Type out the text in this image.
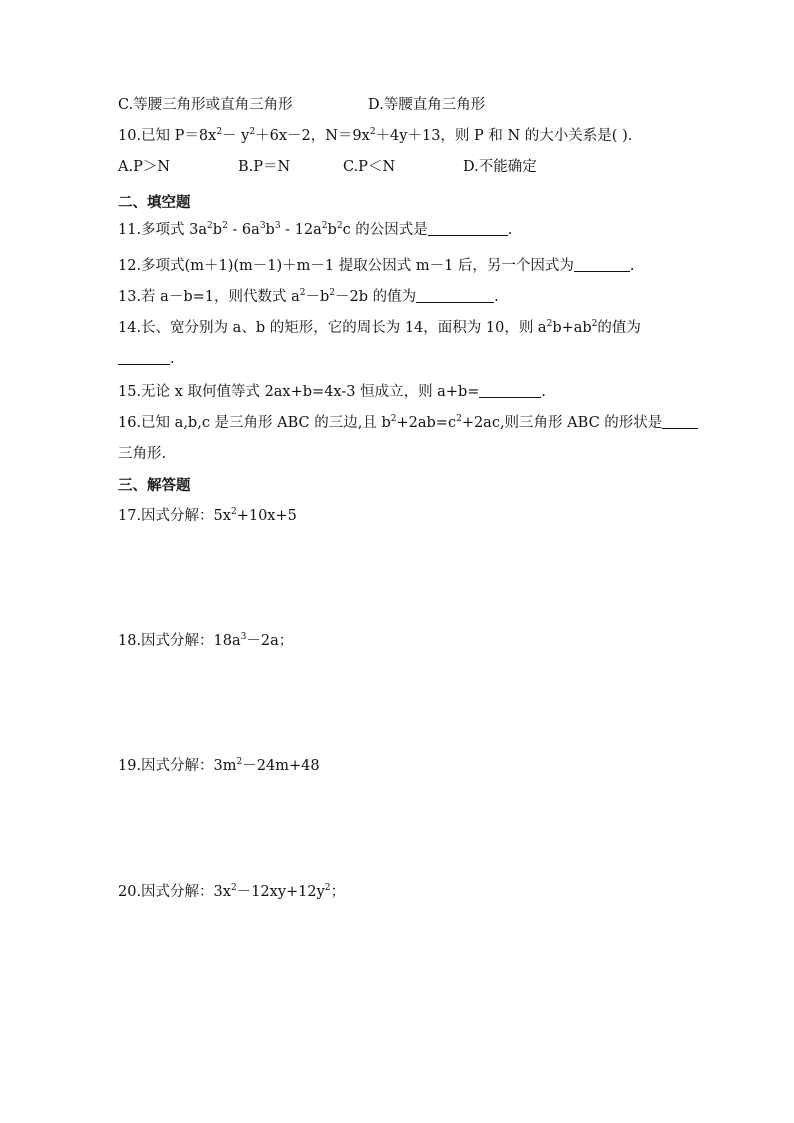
C.等腰三角形或直角三角形	D.等腰直角三角形
10.已知 $P=8x^2- y^2+6x-2$，$N=9x^2+4y+13$，则 P 和 N 的大小关系是( ).
A.P＞N	B.P＝N	C.P＜N	D.不能确定
二、填空题
11.多项式 $3a^2b^2 - 6a^3b^3 - 12a^2b^2c$ 的公因式是	.
12.多项式(m＋1)(m－1)＋m－1 提取公因式 m－1 后，另一个因式为	.
13.若 a－b=1，则代数式 $a^2-b^2-2b$ 的值为	.
14.长、宽分别为 a、b 的矩形，它的周长为 14，面积为 10，则 $a^2b+ab^2$的值为
.
15.无论 x 取何值等式 2ax+b=4x-3 恒成立，则 a+b=	.
16.已知 a,b,c 是三角形 ABC 的三边,且 $b^2+2ab=c^2+2ac$,则三角形 ABC 的形状是
三角形.
三、解答题
17.因式分解：$5x^2+10x+5$
18.因式分解：$18a^3-2a$；
19.因式分解：$3m^2-24m+48$
20.因式分解：$3x^2-12xy+12y^2$；
